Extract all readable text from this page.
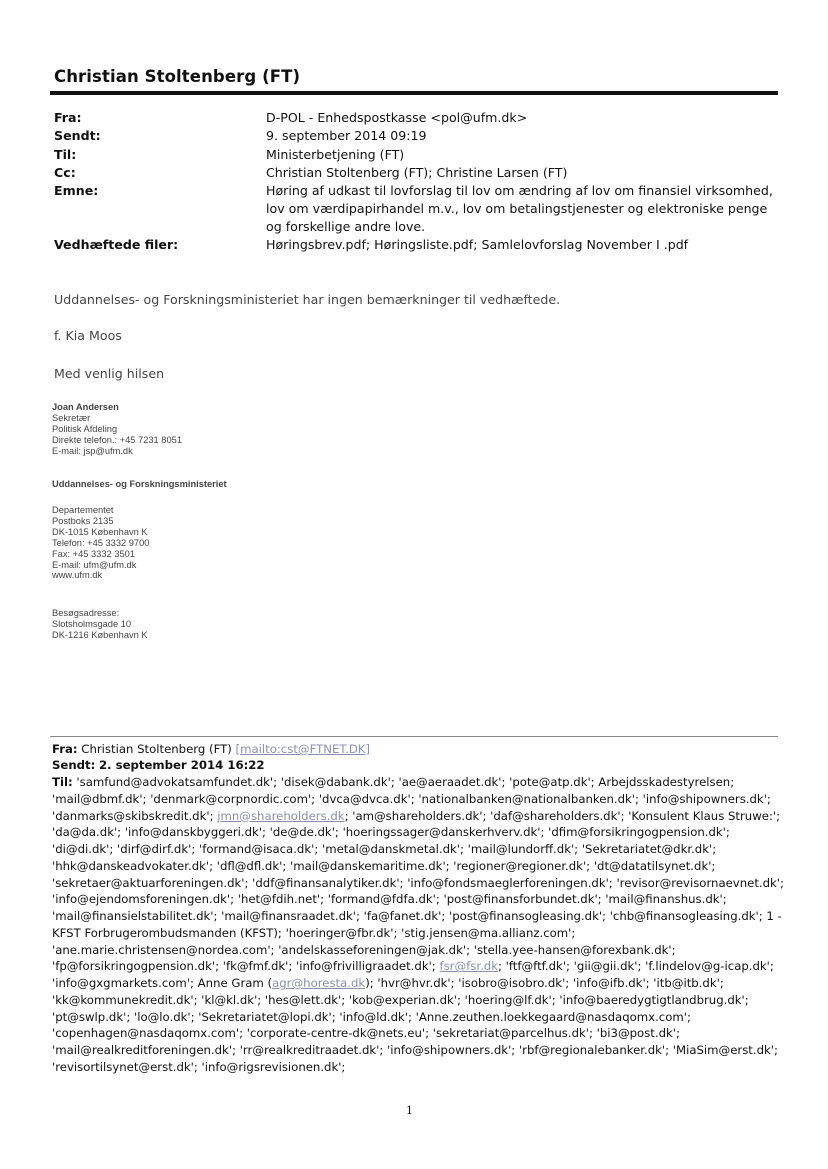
Christian Stoltenberg (FT)
Fra:
Sendt:
Til:
Cc:
Emne:
Vedhæftede filer:
D-POL - Enhedspostkasse <pol@ufm.dk>
9. september 2014 09:19
Ministerbetjening (FT)
Christian Stoltenberg (FT); Christine Larsen (FT)
Høring af udkast til lovforslag til lov om ændring af lov om finansiel virksomhed, lov om værdipapirhandel m.v., lov om betalingstjenester og elektroniske penge og forskellige andre love.
Høringsbrev.pdf; Høringsliste.pdf; Samlelovforslag November I .pdf
Uddannelses- og Forskningsministeriet har ingen bemærkninger til vedhæftede.
f. Kia Moos
Med venlig hilsen
Joan Andersen
Sekretær
Politisk Afdeling
Direkte telefon.: +45 7231 8051
E-mail: jsp@ufm.dk
Uddannelses- og Forskningsministeriet
Departementet
Postboks 2135
DK-1015 København K
Telefon: +45 3332 9700
Fax: +45 3332 3501
E-mail: ufm@ufm.dk
www.ufm.dk
Besøgsadresse:
Slotsholmsgade 10
DK-1216 København K
Fra: Christian Stoltenberg (FT) [mailto:cst@FTNET.DK]
Sendt: 2. september 2014 16:22
Til: 'samfund@advokatsamfundet.dk'; 'disek@dabank.dk'; 'ae@aeraadet.dk'; 'pote@atp.dk'; Arbejdsskadestyrelsen; 'mail@dbmf.dk'; 'denmark@corpnordic.com'; 'dvca@dvca.dk'; 'nationalbanken@nationalbanken.dk'; 'info@shipowners.dk'; 'danmarks@skibskredit.dk'; jmn@shareholders.dk; 'am@shareholders.dk'; 'daf@shareholders.dk'; 'Konsulent Klaus Struwe:'; 'da@da.dk'; 'info@danskbyggeri.dk'; 'de@de.dk'; 'hoeringssager@danskerhverv.dk'; 'dfim@forsikringogpension.dk'; 'di@di.dk'; 'dirf@dirf.dk'; 'formand@isaca.dk'; 'metal@danskmetal.dk'; 'mail@lundorff.dk'; 'Sekretariatet@dkr.dk'; 'hhk@danskeadvokater.dk'; 'dfl@dfl.dk'; 'mail@danskemaritime.dk'; 'regioner@regioner.dk'; 'dt@datatilsynet.dk'; 'sekretaer@aktuarforeningen.dk'; 'ddf@finansanalytiker.dk'; 'info@fondsmaeglerforeningen.dk'; 'revisor@revisornaevnet.dk'; 'info@ejendomsforeningen.dk'; 'het@fdih.net'; 'formand@fdfa.dk'; 'post@finansforbundet.dk'; 'mail@finanshus.dk'; 'mail@finansielstabilitet.dk'; 'mail@finansraadet.dk'; 'fa@fanet.dk'; 'post@finansogleasing.dk'; 'chb@finansogleasing.dk'; 1 - KFST Forbrugerombudsmanden (KFST); 'hoeringer@fbr.dk'; 'stig.jensen@ma.allianz.com'; 'ane.marie.christensen@nordea.com'; 'andelskasseforeningen@jak.dk'; 'stella.yee-hansen@forexbank.dk'; 'fp@forsikringogpension.dk'; 'fk@fmf.dk'; 'info@frivilligraadet.dk'; fsr@fsr.dk; 'ftf@ftf.dk'; 'gii@gii.dk'; 'f.lindelov@g-icap.dk'; 'info@gxgmarkets.com'; Anne Gram (agr@horesta.dk); 'hvr@hvr.dk'; 'isobro@isobro.dk'; 'info@ifb.dk'; 'itb@itb.dk'; 'kk@kommunekredit.dk'; 'kl@kl.dk'; 'hes@lett.dk'; 'kob@experian.dk'; 'hoering@lf.dk'; 'info@baeredygtigtlandbrug.dk'; 'pt@swlp.dk'; 'lo@lo.dk'; 'Sekretariatet@lopi.dk'; 'info@ld.dk'; 'Anne.zeuthen.loekkegaard@nasdaqomx.com'; 'copenhagen@nasdaqomx.com'; 'corporate-centre-dk@nets.eu'; 'sekretariat@parcelhus.dk'; 'bi3@post.dk'; 'mail@realkreditforeningen.dk'; 'rr@realkreditraadet.dk'; 'info@shipowners.dk'; 'rbf@regionalebanker.dk'; 'MiaSim@erst.dk'; 'revisortilsynet@erst.dk'; 'info@rigsrevisionen.dk';
1
